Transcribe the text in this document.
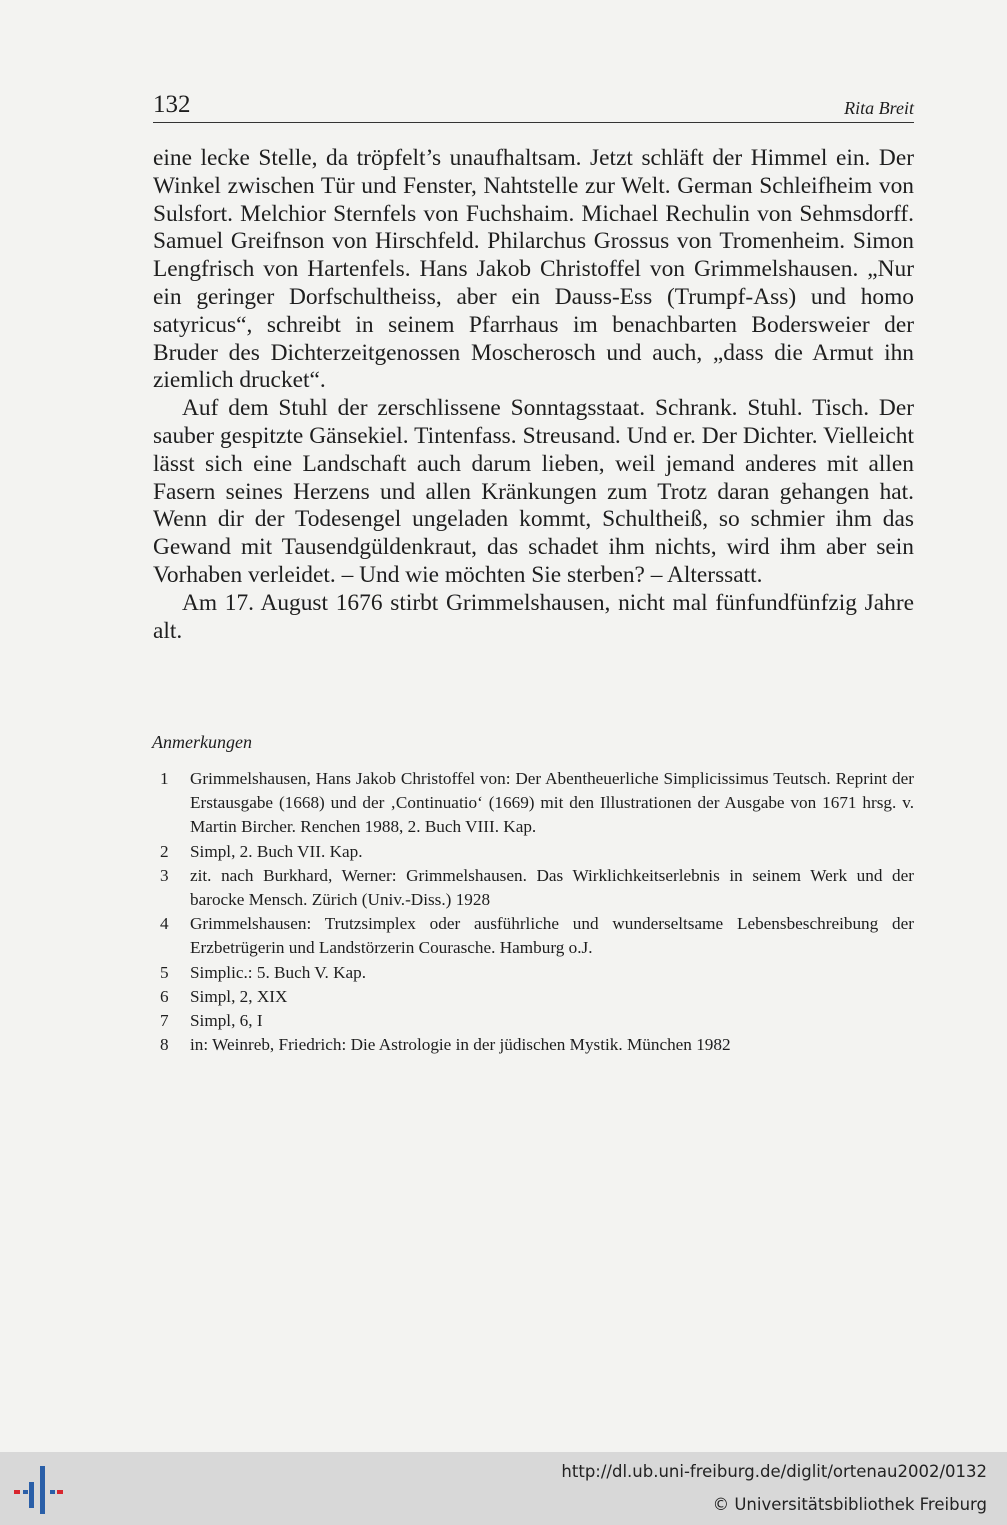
132	Rita Breit

eine lecke Stelle, da tröpfelt’s unaufhaltsam. Jetzt schläft der Himmel ein. Der Winkel zwischen Tür und Fenster, Nahtstelle zur Welt. German Schleifheim von Sulsfort. Melchior Sternfels von Fuchshaim. Michael Rechulin von Sehmsdorff. Samuel Greifnson von Hirschfeld. Philarchus Grossus von Tromenheim. Simon Lengfrisch von Hartenfels. Hans Jakob Christoffel von Grimmelshausen. „Nur ein geringer Dorfschultheiss, aber ein Dauss-Ess (Trumpf-Ass) und homo satyricus“, schreibt in seinem Pfarrhaus im benachbarten Bodersweier der Bruder des Dichterzeitgenossen Moscherosch und auch, „dass die Armut ihn ziemlich drucket“.

Auf dem Stuhl der zerschlissene Sonntagsstaat. Schrank. Stuhl. Tisch. Der sauber gespitzte Gänsekiel. Tintenfass. Streusand. Und er. Der Dichter. Vielleicht lässt sich eine Landschaft auch darum lieben, weil jemand anderes mit allen Fasern seines Herzens und allen Kränkungen zum Trotz daran gehangen hat. Wenn dir der Todesengel ungeladen kommt, Schultheiß, so schmier ihm das Gewand mit Tausendgüldenkraut, das schadet ihm nichts, wird ihm aber sein Vorhaben verleidet. – Und wie möchten Sie sterben? – Alterssatt.

Am 17. August 1676 stirbt Grimmelshausen, nicht mal fünfundfünfzig Jahre alt.

Anmerkungen
1	Grimmelshausen, Hans Jakob Christoffel von: Der Abentheuerliche Simplicissimus Teutsch. Reprint der Erstausgabe (1668) und der ‚Continuatio‘ (1669) mit den Illustrationen der Ausgabe von 1671 hrsg. v. Martin Bircher. Renchen 1988, 2. Buch VIII. Kap.
2	Simpl, 2. Buch VII. Kap.
3	zit. nach Burkhard, Werner: Grimmelshausen. Das Wirklichkeitserlebnis in seinem Werk und der barocke Mensch. Zürich (Univ.-Diss.) 1928
4	Grimmelshausen: Trutzsimplex oder ausführliche und wunderseltsame Lebensbeschreibung der Erzbetrügerin und Landstörzerin Courasche. Hamburg o.J.
5	Simplic.: 5. Buch V. Kap.
6	Simpl, 2, XIX
7	Simpl, 6, I
8	in: Weinreb, Friedrich: Die Astrologie in der jüdischen Mystik. München 1982
http://dl.ub.uni-freiburg.de/diglit/ortenau2002/0132
© Universitätsbibliothek Freiburg
